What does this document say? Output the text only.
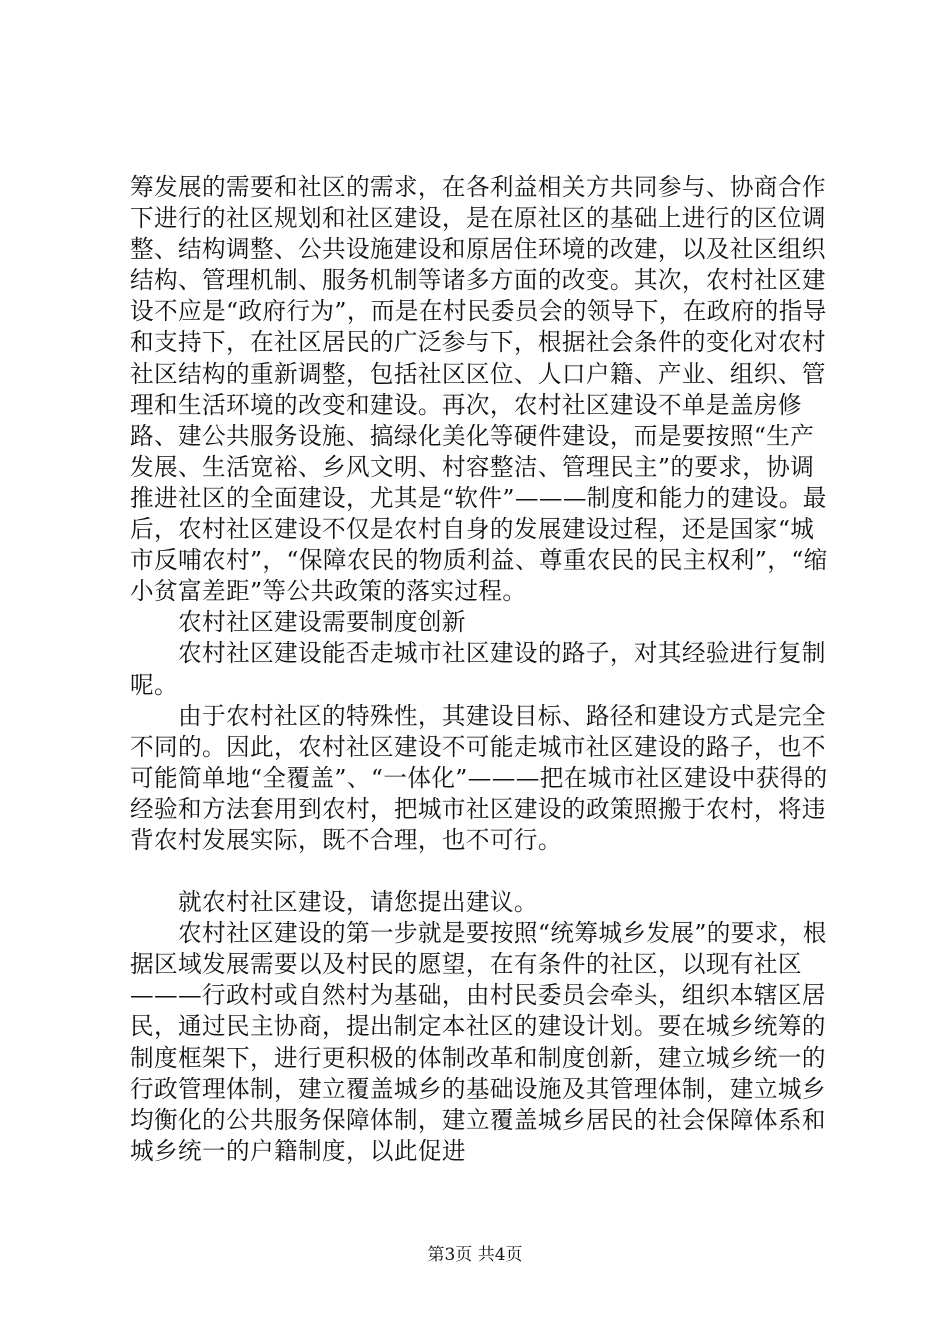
筹发展的需要和社区的需求，在各利益相关方共同参与、协商合作下进行的社区规划和社区建设，是在原社区的基础上进行的区位调整、结构调整、公共设施建设和原居住环境的改建，以及社区组织结构、管理机制、服务机制等诸多方面的改变。其次，农村社区建设不应是“政府行为”，而是在村民委员会的领导下，在政府的指导和支持下，在社区居民的广泛参与下，根据社会条件的变化对农村社区结构的重新调整，包括社区区位、人口户籍、产业、组织、管理和生活环境的改变和建设。再次，农村社区建设不单是盖房修路、建公共服务设施、搞绿化美化等硬件建设，而是要按照“生产发展、生活宽裕、乡风文明、村容整洁、管理民主”的要求，协调推进社区的全面建设，尤其是“软件”———制度和能力的建设。最后，农村社区建设不仅是农村自身的发展建设过程，还是国家“城市反哺农村”，“保障农民的物质利益、尊重农民的民主权利”，“缩小贫富差距”等公共政策的落实过程。

农村社区建设需要制度创新

农村社区建设能否走城市社区建设的路子，对其经验进行复制呢。

由于农村社区的特殊性，其建设目标、路径和建设方式是完全不同的。因此，农村社区建设不可能走城市社区建设的路子，也不可能简单地“全覆盖”、“一体化”———把在城市社区建设中获得的经验和方法套用到农村，把城市社区建设的政策照搬于农村，将违背农村发展实际，既不合理，也不可行。

就农村社区建设，请您提出建议。

农村社区建设的第一步就是要按照“统筹城乡发展”的要求，根据区域发展需要以及村民的愿望，在有条件的社区，以现有社区———行政村或自然村为基础，由村民委员会牵头，组织本辖区居民，通过民主协商，提出制定本社区的建设计划。要在城乡统筹的制度框架下，进行更积极的体制改革和制度创新，建立城乡统一的行政管理体制，建立覆盖城乡的基础设施及其管理体制，建立城乡均衡化的公共服务保障体制，建立覆盖城乡居民的社会保障体系和城乡统一的户籍制度，以此促进

第3页 共4页
